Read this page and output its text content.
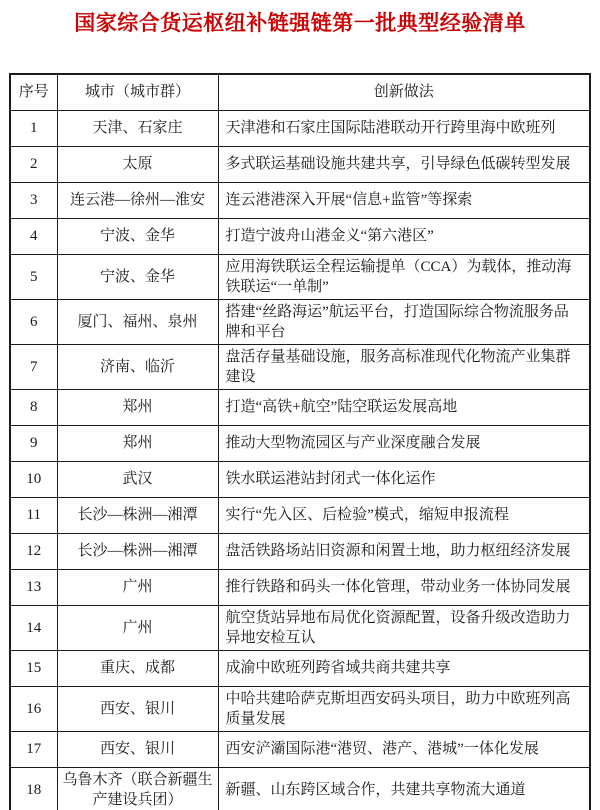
国家综合货运枢纽补链强链第一批典型经验清单
序号	城市（城市群）	创新做法
1	天津、石家庄	天津港和石家庄国际陆港联动开行跨里海中欧班列
2	太原	多式联运基础设施共建共享，引导绿色低碳转型发展
3	连云港—徐州—淮安	连云港港深入开展“信息+监管”等探索
4	宁波、金华	打造宁波舟山港金义“第六港区”
5	宁波、金华	应用海铁联运全程运输提单（CCA）为载体，推动海铁联运“一单制”
6	厦门、福州、泉州	搭建“丝路海运”航运平台，打造国际综合物流服务品牌和平台
7	济南、临沂	盘活存量基础设施，服务高标准现代化物流产业集群建设
8	郑州	打造“高铁+航空”陆空联运发展高地
9	郑州	推动大型物流园区与产业深度融合发展
10	武汉	铁水联运港站封闭式一体化运作
11	长沙—株洲—湘潭	实行“先入区、后检验”模式，缩短申报流程
12	长沙—株洲—湘潭	盘活铁路场站旧资源和闲置土地，助力枢纽经济发展
13	广州	推行铁路和码头一体化管理，带动业务一体协同发展
14	广州	航空货站异地布局优化资源配置，设备升级改造助力异地安检互认
15	重庆、成都	成渝中欧班列跨省域共商共建共享
16	西安、银川	中哈共建哈萨克斯坦西安码头项目，助力中欧班列高质量发展
17	西安、银川	西安浐灞国际港“港贸、港产、港城”一体化发展
18	乌鲁木齐（联合新疆生产建设兵团）	新疆、山东跨区域合作，共建共享物流大通道
